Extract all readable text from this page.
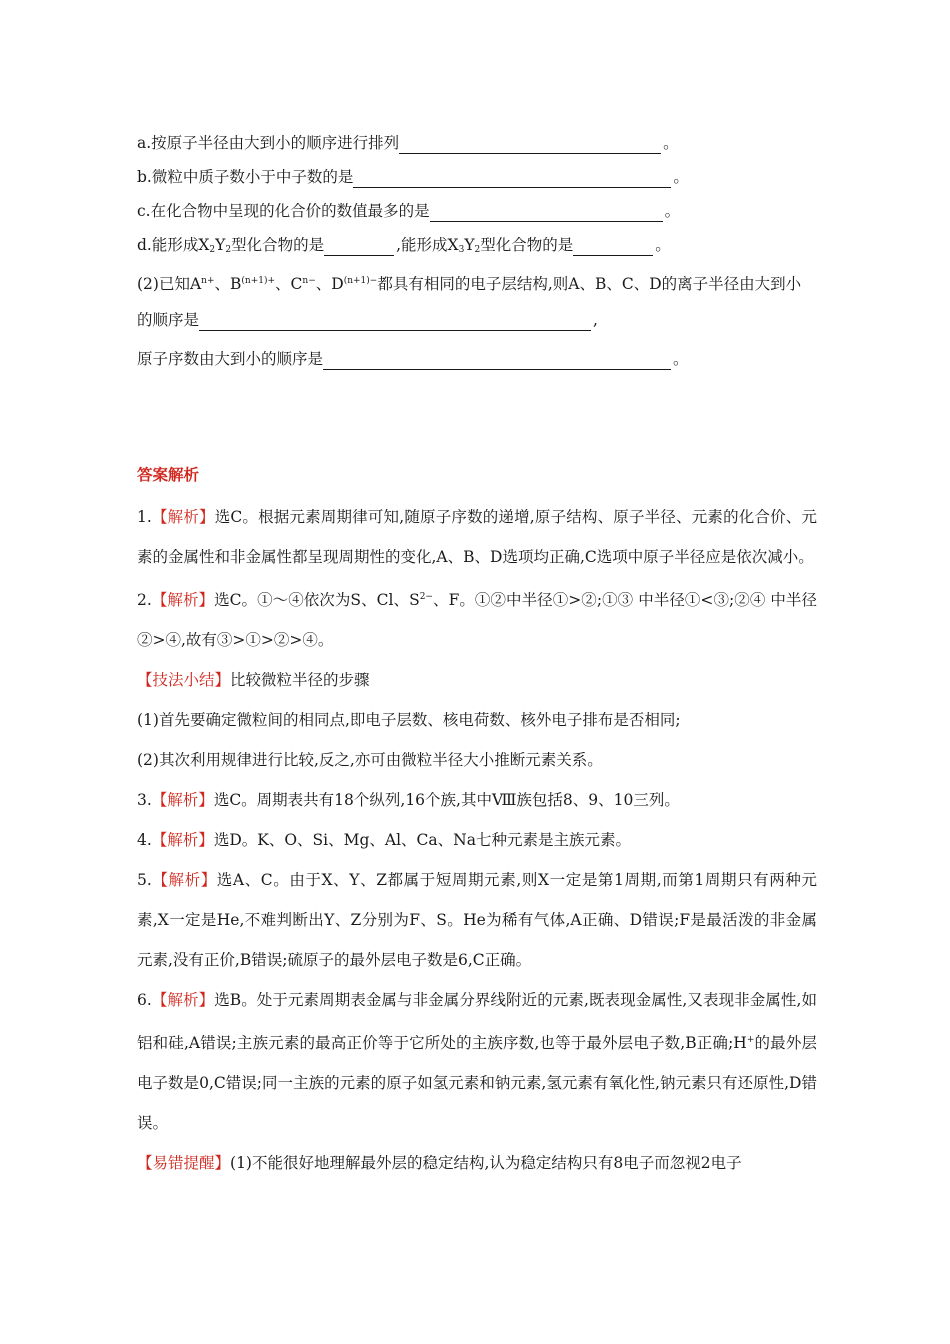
a.按原子半径由大到小的顺序进行排列	。
b.微粒中质子数小于中子数的是	。
c.在化合物中呈现的化合价的数值最多的是	。
d.能形成$X_2Y_2$型化合物的是	,能形成$X_3Y_2$型化合物的是	。
(2)已知$A^{n+}$、$B^{(n+1)+}$、$C^{n-}$、$D^{(n+1)-}$都具有相同的电子层结构,则A、B、C、D的离子半径由大到小
的顺序是	,
原子序数由大到小的顺序是	。
答案解析
1.【解析】选C。根据元素周期律可知,随原子序数的递增,原子结构、原子半径、元素的化合价、元素的金属性和非金属性都呈现周期性的变化,A、B、D选项均正确,C选项中原子半径应是依次减小。
2.【解析】选C。①～④依次为S、Cl、$S^{2-}$、F。①②中半径①>②;①③ 中半径①<③;②④ 中半径②>④,故有③>①>②>④。
【技法小结】比较微粒半径的步骤
(1)首先要确定微粒间的相同点,即电子层数、核电荷数、核外电子排布是否相同;
(2)其次利用规律进行比较,反之,亦可由微粒半径大小推断元素关系。
3.【解析】选C。周期表共有18个纵列,16个族,其中Ⅷ族包括8、9、10三列。
4.【解析】选D。K、O、Si、Mg、Al、Ca、Na七种元素是主族元素。
5.【解析】选A、C。由于X、Y、Z都属于短周期元素,则X一定是第1周期,而第1周期只有两种元素,X一定是He,不难判断出Y、Z分别为F、S。He为稀有气体,A正确、D错误;F是最活泼的非金属元素,没有正价,B错误;硫原子的最外层电子数是6,C正确。
6.【解析】选B。处于元素周期表金属与非金属分界线附近的元素,既表现金属性,又表现非金属性,如铝和硅,A错误;主族元素的最高正价等于它所处的主族序数,也等于最外层电子数,B正确;H+的最外层电子数是0,C错误;同一主族的元素的原子如氢元素和钠元素,氢元素有氧化性,钠元素只有还原性,D错误。
【易错提醒】(1)不能很好地理解最外层的稳定结构,认为稳定结构只有8电子而忽视2电子
